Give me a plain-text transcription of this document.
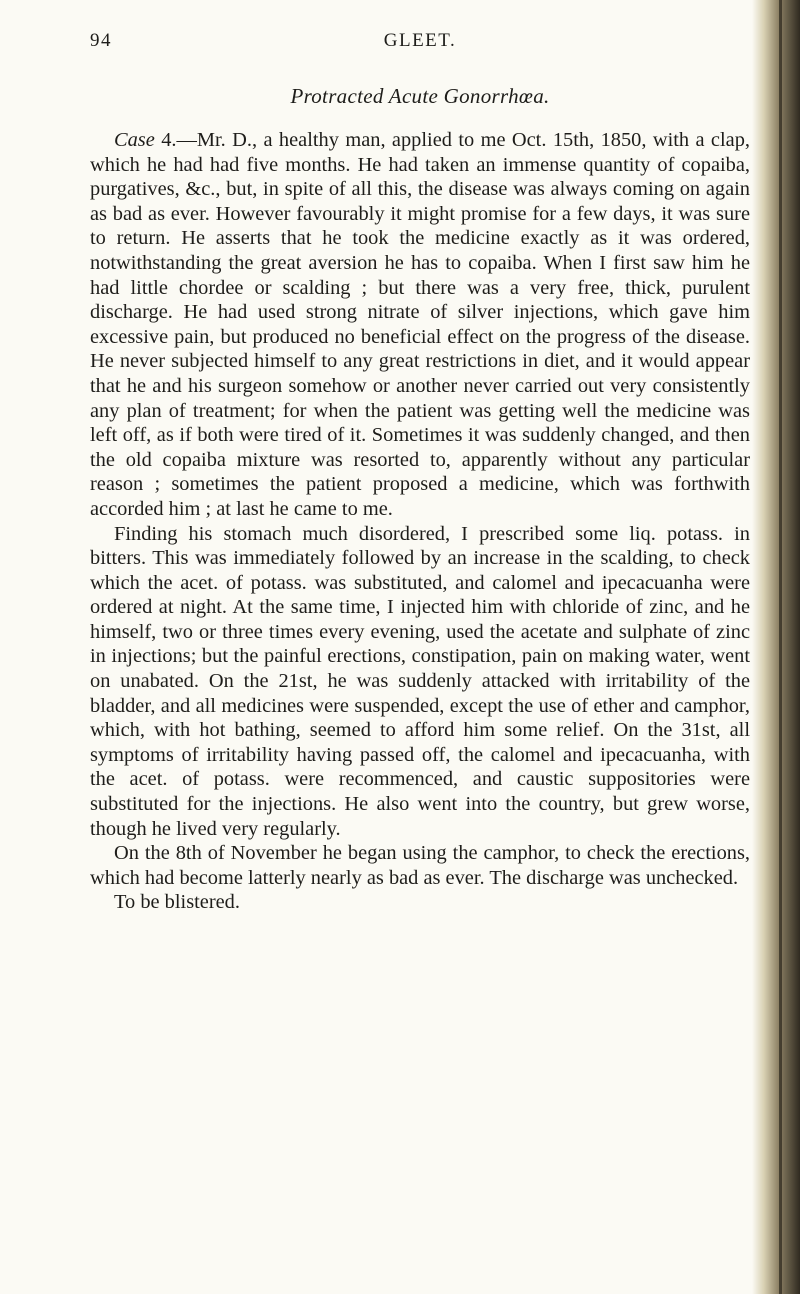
94	GLEET.
Protracted Acute Gonorrhœa.

Case 4.—Mr. D., a healthy man, applied to me Oct. 15th, 1850, with a clap, which he had had five months. He had taken an immense quantity of copaiba, purgatives, &c., but, in spite of all this, the disease was always coming on again as bad as ever. However favourably it might promise for a few days, it was sure to return. He asserts that he took the medicine exactly as it was ordered, notwithstanding the great aversion he has to copaiba. When I first saw him he had little chordee or scalding ; but there was a very free, thick, purulent discharge. He had used strong nitrate of silver injections, which gave him excessive pain, but produced no beneficial effect on the progress of the disease. He never subjected himself to any great restrictions in diet, and it would appear that he and his surgeon somehow or another never carried out very consistently any plan of treatment; for when the patient was getting well the medicine was left off, as if both were tired of it. Sometimes it was suddenly changed, and then the old copaiba mixture was resorted to, apparently without any particular reason ; sometimes the patient proposed a medicine, which was forthwith accorded him ; at last he came to me.

Finding his stomach much disordered, I prescribed some liq. potass. in bitters. This was immediately followed by an increase in the scalding, to check which the acet. of potass. was substituted, and calomel and ipecacuanha were ordered at night. At the same time, I injected him with chloride of zinc, and he himself, two or three times every evening, used the acetate and sulphate of zinc in injections; but the painful erections, constipation, pain on making water, went on unabated. On the 21st, he was suddenly attacked with irritability of the bladder, and all medicines were suspended, except the use of ether and camphor, which, with hot bathing, seemed to afford him some relief. On the 31st, all symptoms of irritability having passed off, the calomel and ipecacuanha, with the acet. of potass. were recommenced, and caustic suppositories were substituted for the injections. He also went into the country, but grew worse, though he lived very regularly.

On the 8th of November he began using the camphor, to check the erections, which had become latterly nearly as bad as ever. The discharge was unchecked.

To be blistered.
